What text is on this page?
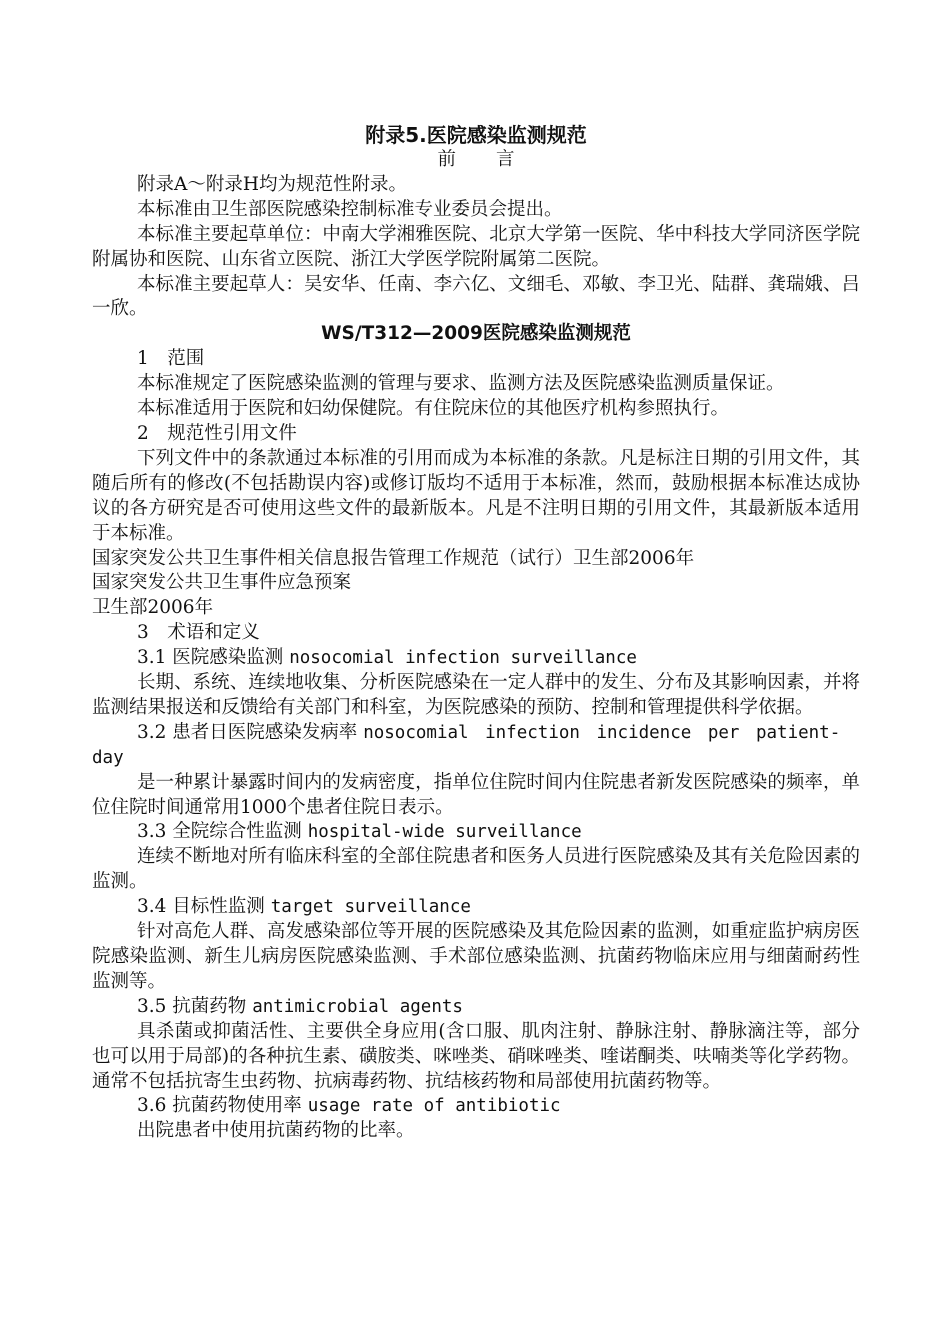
附录5.医院感染监测规范
前言

附录A～附录H均为规范性附录。

本标准由卫生部医院感染控制标准专业委员会提出。

本标准主要起草单位：中南大学湘雅医院、北京大学第一医院、华中科技大学同济医学院附属协和医院、山东省立医院、浙江大学医学院附属第二医院。

本标准主要起草人：吴安华、任南、李六亿、文细毛、邓敏、李卫光、陆群、龚瑞娥、吕一欣。

WS/T312—2009医院感染监测规范

1　范围

本标准规定了医院感染监测的管理与要求、监测方法及医院感染监测质量保证。

本标准适用于医院和妇幼保健院。有住院床位的其他医疗机构参照执行。

2　规范性引用文件

下列文件中的条款通过本标准的引用而成为本标准的条款。凡是标注日期的引用文件，其随后所有的修改(不包括勘误内容)或修订版均不适用于本标准，然而，鼓励根据本标准达成协议的各方研究是否可使用这些文件的最新版本。凡是不注明日期的引用文件，其最新版本适用于本标准。

国家突发公共卫生事件相关信息报告管理工作规范（试行）卫生部2006年

国家突发公共卫生事件应急预案

卫生部2006年

3　术语和定义

3.1 医院感染监测 nosocomial infection surveillance

长期、系统、连续地收集、分析医院感染在一定人群中的发生、分布及其影响因素，并将监测结果报送和反馈给有关部门和科室，为医院感染的预防、控制和管理提供科学依据。

3.2 患者日医院感染发病率 nosocomial infection incidence per patient-day

是一种累计暴露时间内的发病密度，指单位住院时间内住院患者新发医院感染的频率，单位住院时间通常用1000个患者住院日表示。

3.3 全院综合性监测 hospital-wide surveillance

连续不断地对所有临床科室的全部住院患者和医务人员进行医院感染及其有关危险因素的监测。

3.4 目标性监测 target surveillance

针对高危人群、高发感染部位等开展的医院感染及其危险因素的监测，如重症监护病房医院感染监测、新生儿病房医院感染监测、手术部位感染监测、抗菌药物临床应用与细菌耐药性监测等。

3.5 抗菌药物 antimicrobial agents

具杀菌或抑菌活性、主要供全身应用(含口服、肌肉注射、静脉注射、静脉滴注等，部分也可以用于局部)的各种抗生素、磺胺类、咪唑类、硝咪唑类、喹诺酮类、呋喃类等化学药物。通常不包括抗寄生虫药物、抗病毒药物、抗结核药物和局部使用抗菌药物等。

3.6 抗菌药物使用率 usage rate of antibiotic

出院患者中使用抗菌药物的比率。
